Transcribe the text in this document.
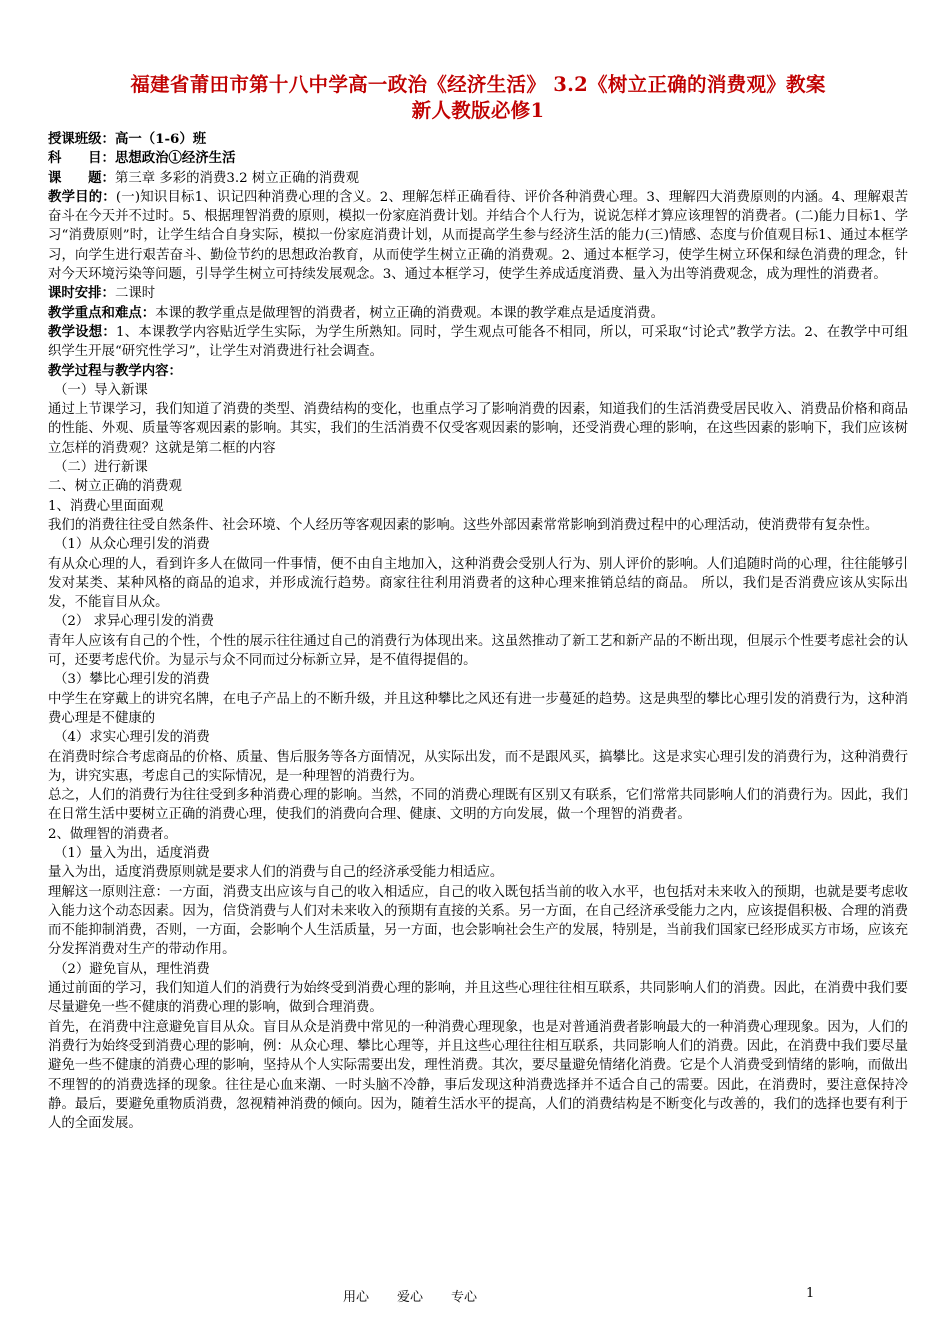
福建省莆田市第十八中学高一政治《经济生活》 3.2《树立正确的消费观》教案

新人教版必修1

授课班级：高一（1-6）班

科　　目：思想政治①经济生活

课　　题：第三章 多彩的消费3.2 树立正确的消费观

教学目的：(一)知识目标1、识记四种消费心理的含义。2、理解怎样正确看待、评价各种消费心理。3、理解四大消费原则的内涵。4、理解艰苦奋斗在今天并不过时。5、根据理智消费的原则，模拟一份家庭消费计划。并结合个人行为，说说怎样才算应该理智的消费者。(二)能力目标1、学习“消费原则”时，让学生结合自身实际，模拟一份家庭消费计划，从而提高学生参与经济生活的能力(三)情感、态度与价值观目标1、通过本框学习，向学生进行艰苦奋斗、勤俭节约的思想政治教育，从而使学生树立正确的消费观。2、通过本框学习，使学生树立环保和绿色消费的理念，针对今天环境污染等问题，引导学生树立可持续发展观念。3、通过本框学习，使学生养成适度消费、量入为出等消费观念，成为理性的消费者。

课时安排：二课时

教学重点和难点：本课的教学重点是做理智的消费者，树立正确的消费观。本课的教学难点是适度消费。

教学设想：1、本课教学内容贴近学生实际，为学生所熟知。同时，学生观点可能各不相同，所以，可采取“讨论式”教学方法。2、在教学中可组织学生开展“研究性学习”，让学生对消费进行社会调查。

教学过程与教学内容：

（一）导入新课

通过上节课学习，我们知道了消费的类型、消费结构的变化，也重点学习了影响消费的因素，知道我们的生活消费受居民收入、消费品价格和商品的性能、外观、质量等客观因素的影响。其实，我们的生活消费不仅受客观因素的影响，还受消费心理的影响，在这些因素的影响下，我们应该树立怎样的消费观？这就是第二框的内容

（二）进行新课

二、树立正确的消费观

1、消费心里面面观

我们的消费往往受自然条件、社会环境、个人经历等客观因素的影响。这些外部因素常常影响到消费过程中的心理活动，使消费带有复杂性。

（1）从众心理引发的消费

有从众心理的人，看到许多人在做同一件事情，便不由自主地加入，这种消费会受别人行为、别人评价的影响。人们追随时尚的心理，往往能够引发对某类、某种风格的商品的追求，并形成流行趋势。商家往往利用消费者的这种心理来推销总结的商品。 所以，我们是否消费应该从实际出发，不能盲目从众。

（2） 求异心理引发的消费

青年人应该有自己的个性，个性的展示往往通过自己的消费行为体现出来。这虽然推动了新工艺和新产品的不断出现，但展示个性要考虑社会的认可，还要考虑代价。为显示与众不同而过分标新立异，是不值得提倡的。

（3）攀比心理引发的消费

中学生在穿戴上的讲究名牌，在电子产品上的不断升级，并且这种攀比之风还有进一步蔓延的趋势。这是典型的攀比心理引发的消费行为，这种消费心理是不健康的

（4）求实心理引发的消费

在消费时综合考虑商品的价格、质量、售后服务等各方面情况，从实际出发，而不是跟风买，搞攀比。这是求实心理引发的消费行为，这种消费行为，讲究实惠，考虑自己的实际情况，是一种理智的消费行为。

总之，人们的消费行为往往受到多种消费心理的影响。当然，不同的消费心理既有区别又有联系，它们常常共同影响人们的消费行为。因此，我们在日常生活中要树立正确的消费心理，使我们的消费向合理、健康、文明的方向发展，做一个理智的消费者。

2、做理智的消费者。

（1）量入为出，适度消费

量入为出，适度消费原则就是要求人们的消费与自己的经济承受能力相适应。

理解这一原则注意：一方面，消费支出应该与自己的收入相适应，自己的收入既包括当前的收入水平，也包括对未来收入的预期，也就是要考虑收入能力这个动态因素。因为，信贷消费与人们对未来收入的预期有直接的关系。另一方面，在自己经济承受能力之内，应该提倡积极、合理的消费而不能抑制消费，否则，一方面，会影响个人生活质量，另一方面，也会影响社会生产的发展，特别是，当前我们国家已经形成买方市场，应该充分发挥消费对生产的带动作用。

（2）避免盲从，理性消费

通过前面的学习，我们知道人们的消费行为始终受到消费心理的影响，并且这些心理往往相互联系，共同影响人们的消费。因此，在消费中我们要尽量避免一些不健康的消费心理的影响，做到合理消费。

首先，在消费中注意避免盲目从众。盲目从众是消费中常见的一种消费心理现象，也是对普通消费者影响最大的一种消费心理现象。因为，人们的消费行为始终受到消费心理的影响，例：从众心理、攀比心理等，并且这些心理往往相互联系，共同影响人们的消费。因此，在消费中我们要尽量避免一些不健康的消费心理的影响，坚持从个人实际需要出发，理性消费。其次，要尽量避免情绪化消费。它是个人消费受到情绪的影响，而做出不理智的的消费选择的现象。往往是心血来潮、一时头脑不冷静，事后发现这种消费选择并不适合自己的需要。因此，在消费时，要注意保持冷静。最后，要避免重物质消费，忽视精神消费的倾向。因为，随着生活水平的提高，人们的消费结构是不断变化与改善的，我们的选择也要有利于人的全面发展。

用心 爱心 专心	1
